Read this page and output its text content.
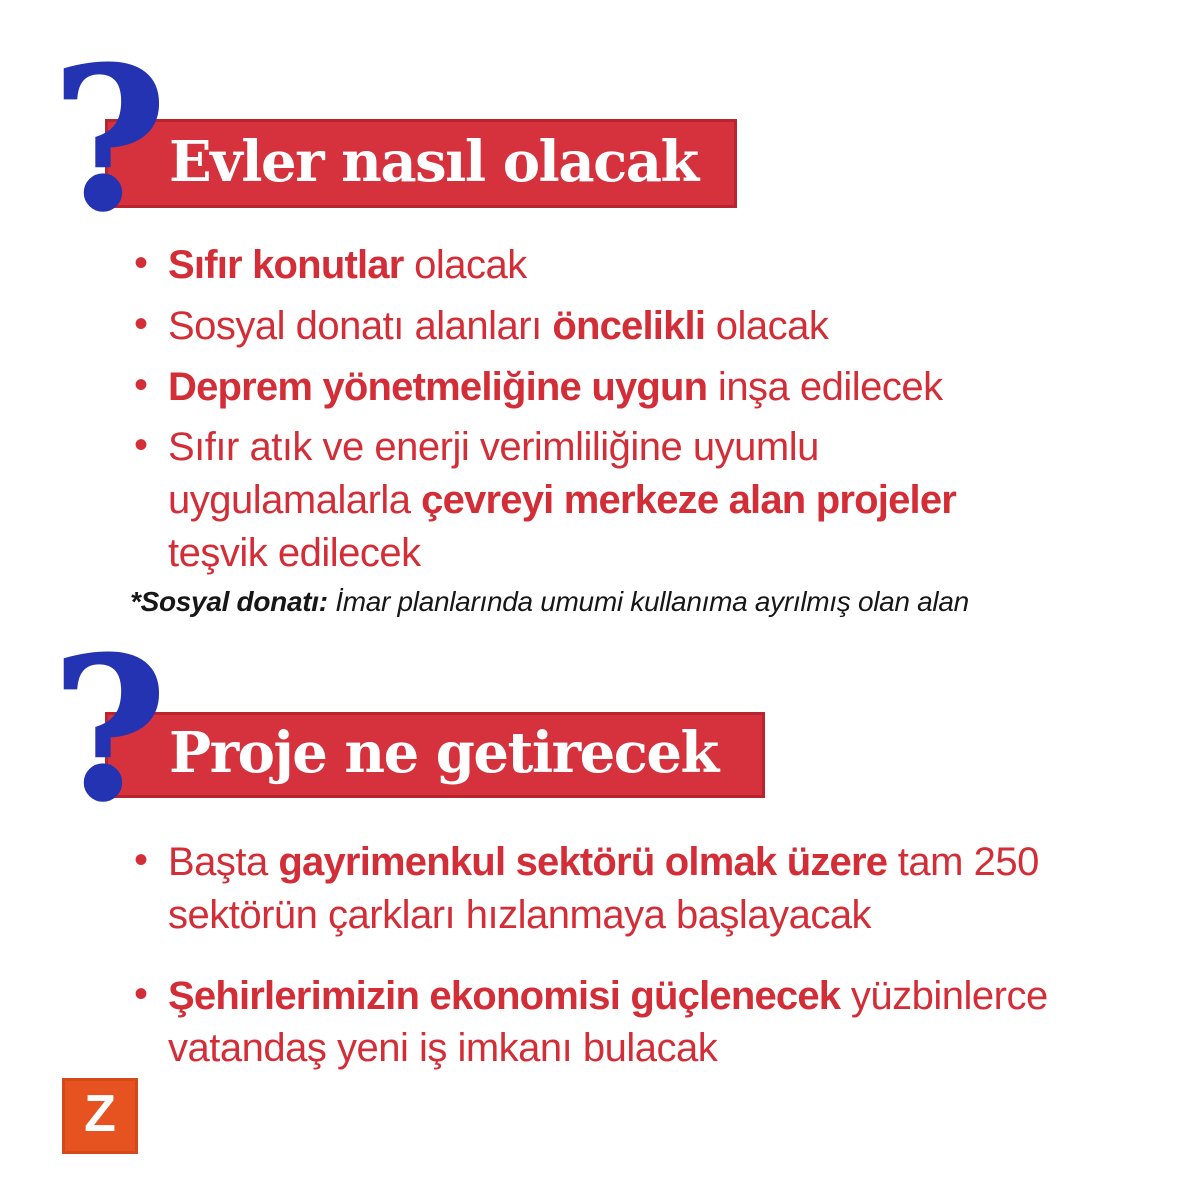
? Evler nasıl olacak
• Sıfır konutlar olacak
• Sosyal donatı alanları öncelikli olacak
• Deprem yönetmeliğine uygun inşa edilecek
• Sıfır atık ve enerji verimliliğine uyumlu uygulamalarla çevreyi merkeze alan projeler teşvik edilecek

*Sosyal donatı: İmar planlarında umumi kullanıma ayrılmış olan alan

? Proje ne getirecek
• Başta gayrimenkul sektörü olmak üzere tam 250 sektörün çarkları hızlanmaya başlayacak
• Şehirlerimizin ekonomisi güçlenecek yüzbinlerce vatandaş yeni iş imkanı bulacak
Z
